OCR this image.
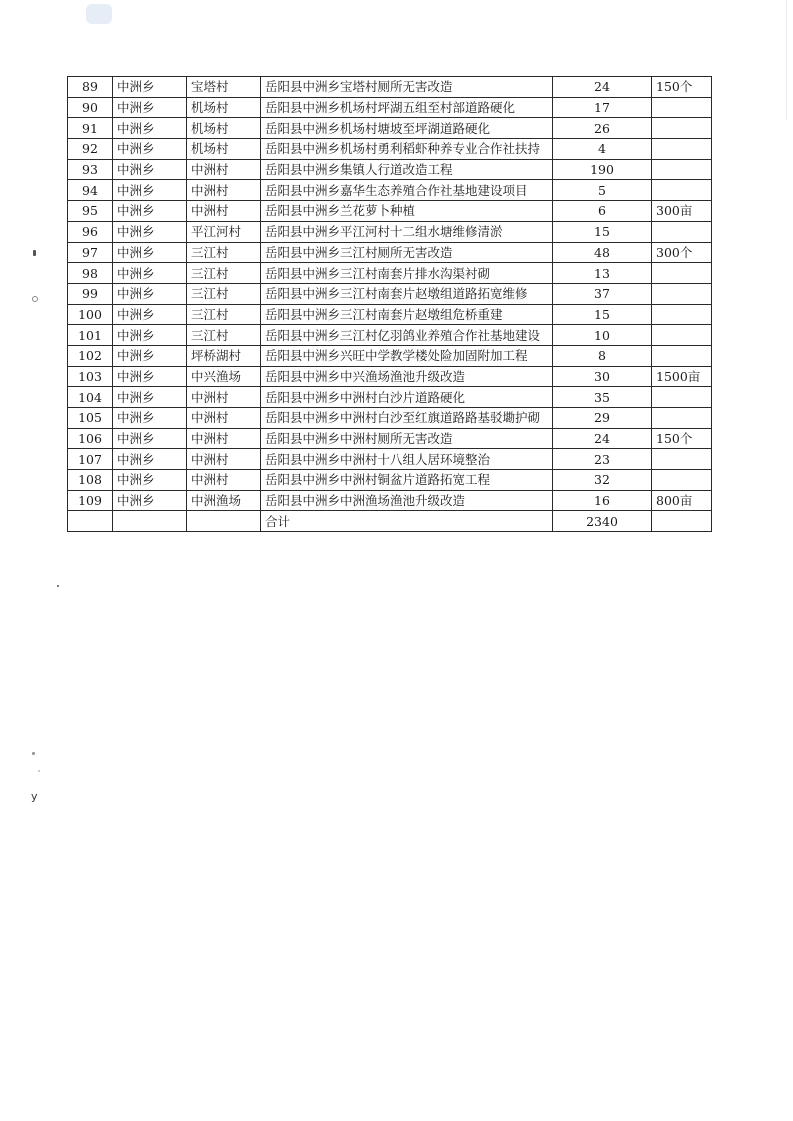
y
89	中洲乡	宝塔村	岳阳县中洲乡宝塔村厕所无害改造	24	150个
90	中洲乡	机场村	岳阳县中洲乡机场村坪湖五组至村部道路硬化	17	
91	中洲乡	机场村	岳阳县中洲乡机场村塘坡至坪湖道路硬化	26	
92	中洲乡	机场村	岳阳县中洲乡机场村勇利稻虾种养专业合作社扶持	4	
93	中洲乡	中洲村	岳阳县中洲乡集镇人行道改造工程	190	
94	中洲乡	中洲村	岳阳县中洲乡嘉华生态养殖合作社基地建设项目	5	
95	中洲乡	中洲村	岳阳县中洲乡兰花萝卜种植	6	300亩
96	中洲乡	平江河村	岳阳县中洲乡平江河村十二组水塘维修清淤	15	
97	中洲乡	三江村	岳阳县中洲乡三江村厕所无害改造	48	300个
98	中洲乡	三江村	岳阳县中洲乡三江村南套片排水沟渠衬砌	13	
99	中洲乡	三江村	岳阳县中洲乡三江村南套片赵墩组道路拓宽维修	37	
100	中洲乡	三江村	岳阳县中洲乡三江村南套片赵墩组危桥重建	15	
101	中洲乡	三江村	岳阳县中洲乡三江村亿羽鸽业养殖合作社基地建设	10	
102	中洲乡	坪桥湖村	岳阳县中洲乡兴旺中学教学楼处险加固附加工程	8	
103	中洲乡	中兴渔场	岳阳县中洲乡中兴渔场渔池升级改造	30	1500亩
104	中洲乡	中洲村	岳阳县中洲乡中洲村白沙片道路硬化	35	
105	中洲乡	中洲村	岳阳县中洲乡中洲村白沙至红旗道路路基驳墈护砌	29	
106	中洲乡	中洲村	岳阳县中洲乡中洲村厕所无害改造	24	150个
107	中洲乡	中洲村	岳阳县中洲乡中洲村十八组人居环境整治	23	
108	中洲乡	中洲村	岳阳县中洲乡中洲村铜盆片道路拓宽工程	32	
109	中洲乡	中洲渔场	岳阳县中洲乡中洲渔场渔池升级改造	16	800亩
			合计	2340	
